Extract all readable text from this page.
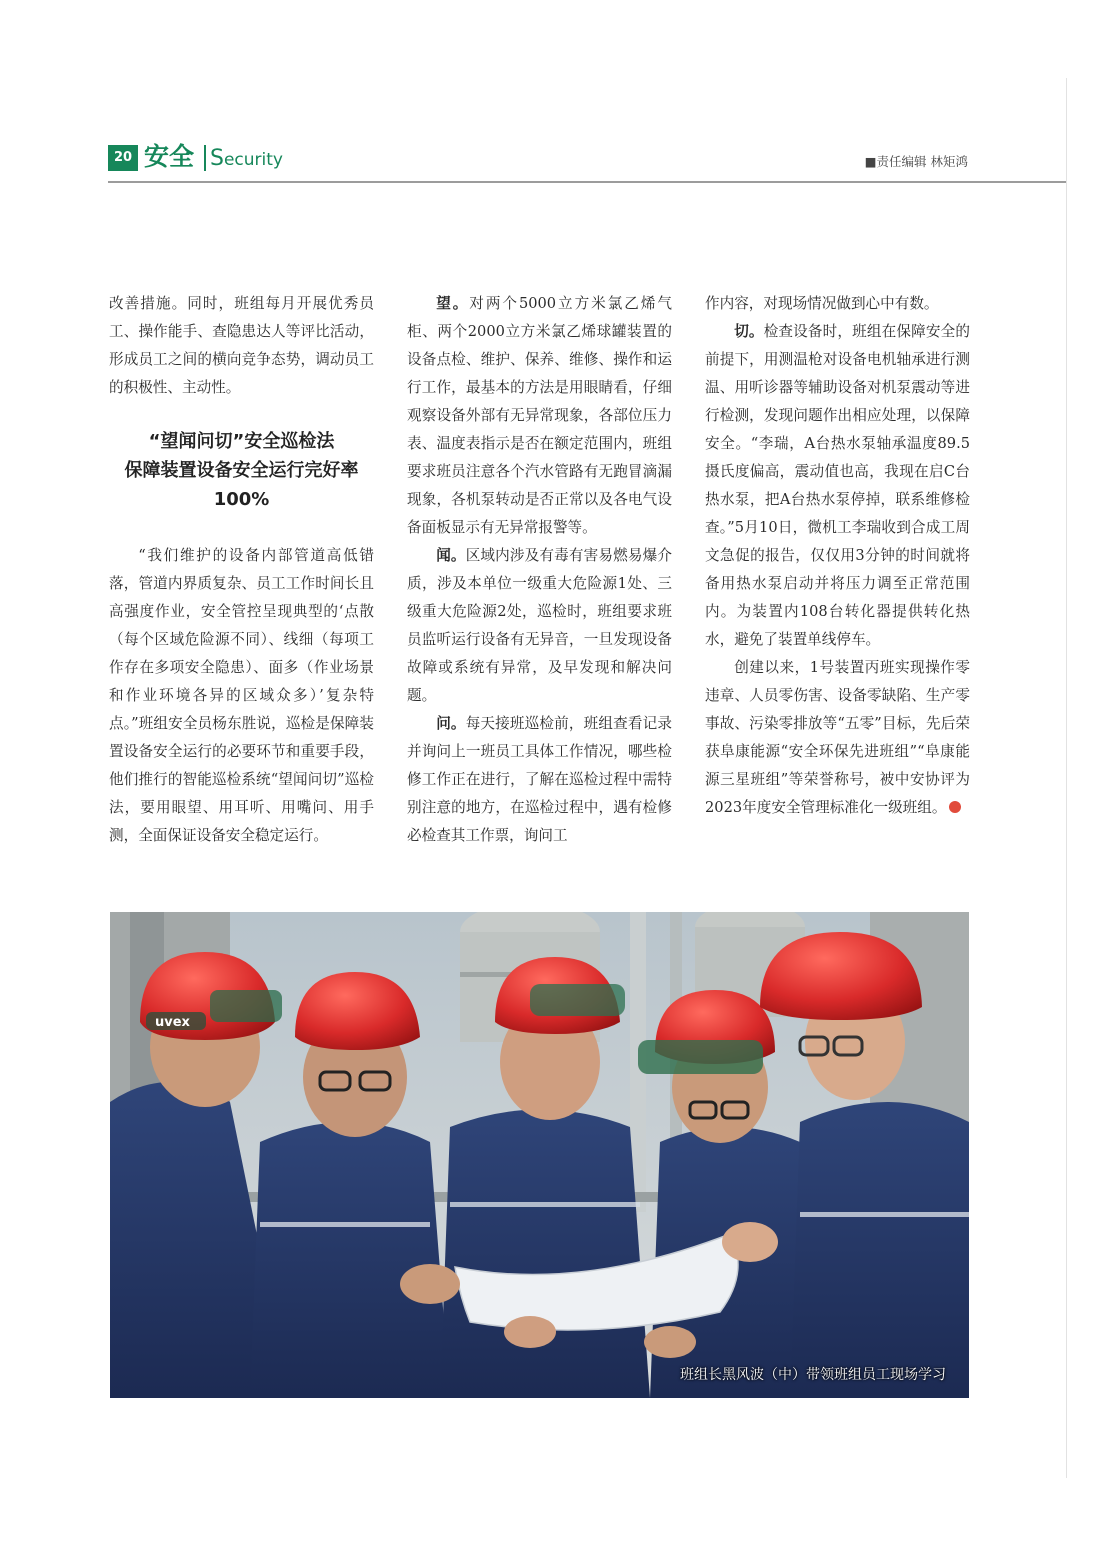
20 安全 Security	■责任编辑 林矩鸿

改善措施。同时，班组每月开展优秀员工、操作能手、查隐患达人等评比活动，形成员工之间的横向竞争态势，调动员工的积极性、主动性。

“望闻问切”安全巡检法
保障装置设备安全运行完好率
100%

“我们维护的设备内部管道高低错落，管道内界质复杂、员工工作时间长且高强度作业，安全管控呈现典型的‘点散（每个区域危险源不同）、线细（每项工作存在多项安全隐患）、面多（作业场景和作业环境各异的区域众多）’复杂特点。”班组安全员杨东胜说，巡检是保障装置设备安全运行的必要环节和重要手段，他们推行的智能巡检系统“望闻问切”巡检法，要用眼望、用耳听、用嘴问、用手测，全面保证设备安全稳定运行。

望。对两个5000立方米氯乙烯气柜、两个2000立方米氯乙烯球罐装置的设备点检、维护、保养、维修、操作和运行工作，最基本的方法是用眼睛看，仔细观察设备外部有无异常现象，各部位压力表、温度表指示是否在额定范围内，班组要求班员注意各个汽水管路有无跑冒滴漏现象，各机泵转动是否正常以及各电气设备面板显示有无异常报警等。

闻。区域内涉及有毒有害易燃易爆介质，涉及本单位一级重大危险源1处、三级重大危险源2处，巡检时，班组要求班员监听运行设备有无异音，一旦发现设备故障或系统有异常，及早发现和解决问题。

问。每天接班巡检前，班组查看记录并询问上一班员工具体工作情况，哪些检修工作正在进行，了解在巡检过程中需特别注意的地方，在巡检过程中，遇有检修必检查其工作票，询问工

作内容，对现场情况做到心中有数。

切。检查设备时，班组在保障安全的前提下，用测温枪对设备电机轴承进行测温、用听诊器等辅助设备对机泵震动等进行检测，发现问题作出相应处理，以保障安全。“李瑞，A台热水泵轴承温度89.5摄氏度偏高，震动值也高，我现在启C台热水泵，把A台热水泵停掉，联系维修检查。”5月10日，微机工李瑞收到合成工周文急促的报告，仅仅用3分钟的时间就将备用热水泵启动并将压力调至正常范围内。为装置内108台转化器提供转化热水，避免了装置单线停车。

创建以来，1号装置丙班实现操作零违章、人员零伤害、设备零缺陷、生产零事故、污染零排放等“五零”目标，先后荣获阜康能源“安全环保先进班组”“阜康能源三星班组”等荣誉称号，被中安协评为2023年度安全管理标准化一级班组。

uvex
班组长黑风波（中）带领班组员工现场学习
